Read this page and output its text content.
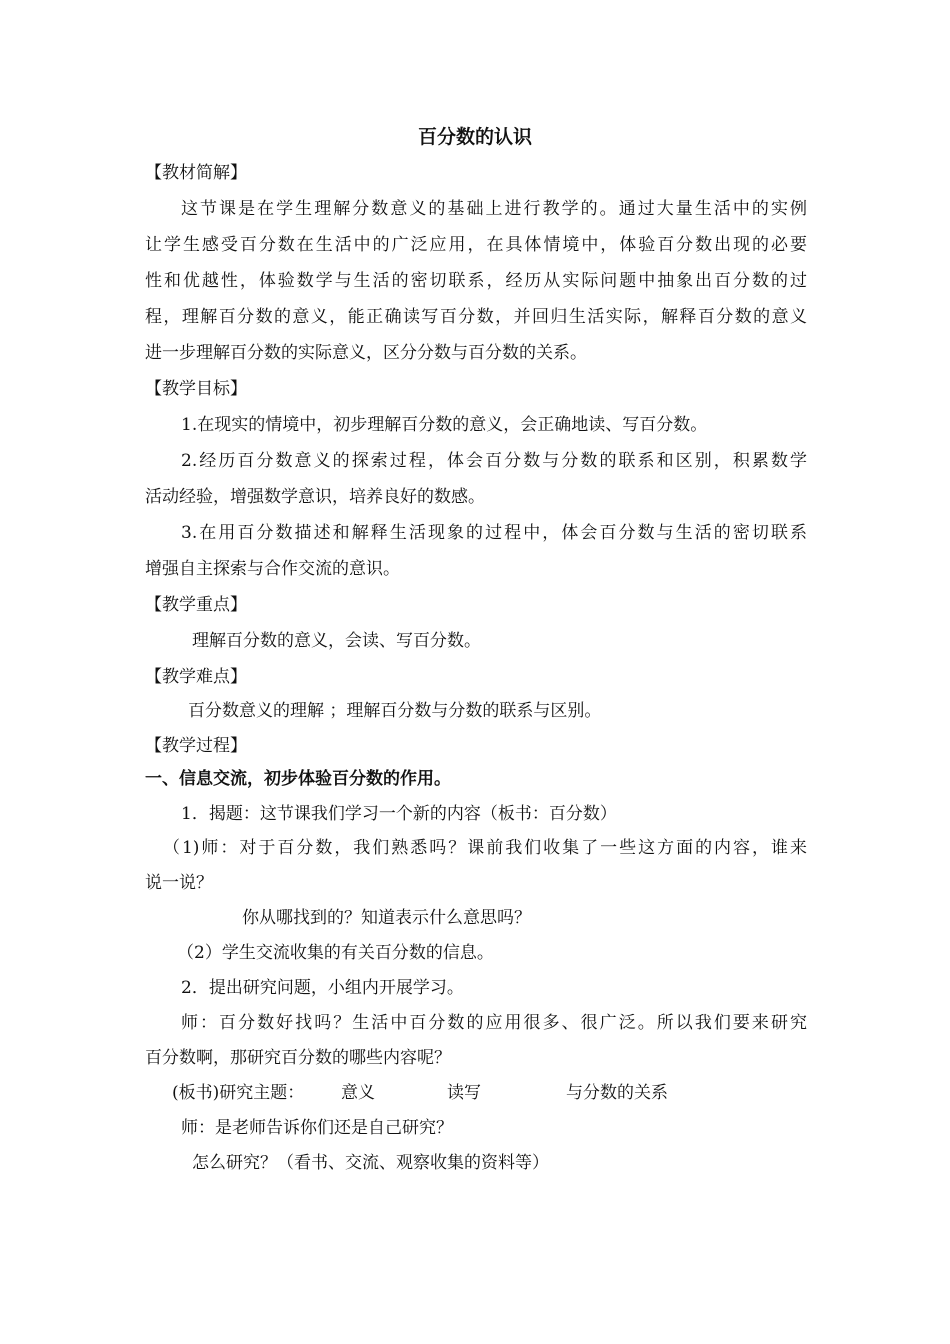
百分数的认识
【教材简解】
这节课是在学生理解分数意义的基础上进行教学的。通过大量生活中的实例
让学生感受百分数在生活中的广泛应用，在具体情境中，体验百分数出现的必要
性和优越性，体验数学与生活的密切联系，经历从实际问题中抽象出百分数的过
程，理解百分数的意义，能正确读写百分数，并回归生活实际，解释百分数的意义
进一步理解百分数的实际意义，区分分数与百分数的关系。
【教学目标】
1.在现实的情境中，初步理解百分数的意义，会正确地读、写百分数。
2.经历百分数意义的探索过程，体会百分数与分数的联系和区别，积累数学
活动经验，增强数学意识，培养良好的数感。
3.在用百分数描述和解释生活现象的过程中，体会百分数与生活的密切联系
增强自主探索与合作交流的意识。
【教学重点】
理解百分数的意义，会读、写百分数。
【教学难点】
百分数意义的理解 ；理解百分数与分数的联系与区别。
【教学过程】
一、信息交流，初步体验百分数的作用。
1．揭题：这节课我们学习一个新的内容（板书：百分数）
（1)师：对于百分数，我们熟悉吗？课前我们收集了一些这方面的内容，谁来
说一说？
你从哪找到的？知道表示什么意思吗？
（2）学生交流收集的有关百分数的信息。
2．提出研究问题，小组内开展学习。
师：百分数好找吗？生活中百分数的应用很多、很广泛。所以我们要来研究
百分数啊，那研究百分数的哪些内容呢？
(板书)研究主题： 意义	读写	与分数的关系
师：是老师告诉你们还是自己研究？
怎么研究？（看书、交流、观察收集的资料等）
